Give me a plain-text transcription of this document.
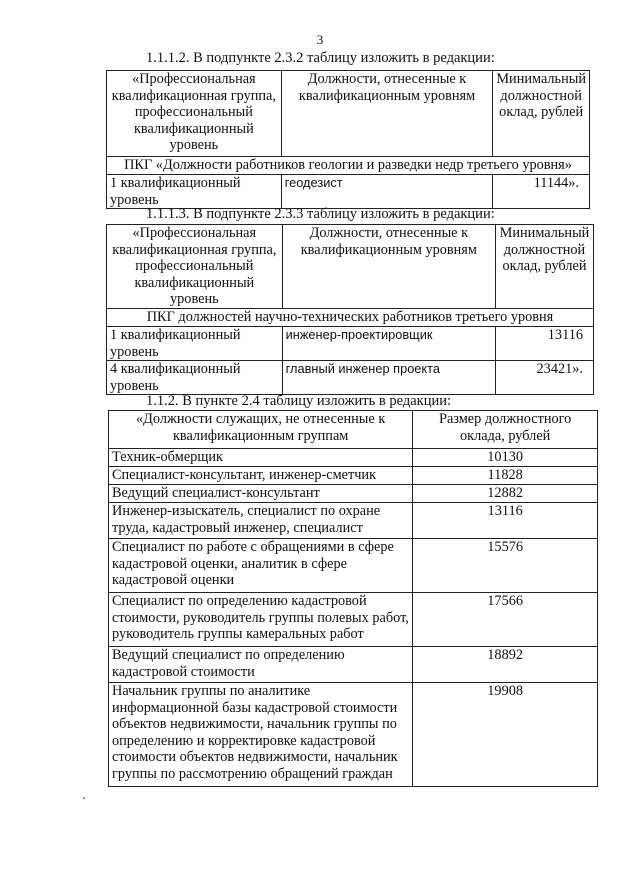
3
1.1.1.2. В подпункте 2.3.2 таблицу изложить в редакции:
«Профессиональная квалификационная группа, профессиональный квалификационный уровень	Должности, отнесенные к квалификационным уровням	Минимальный должностной оклад, рублей
ПКГ «Должности работников геологии и разведки недр третьего уровня»		
1 квалификационный уровень	геодезист	11144».
1.1.1.3. В подпункте 2.3.3 таблицу изложить в редакции:
«Профессиональная квалификационная группа, профессиональный квалификационный уровень	Должности, отнесенные к квалификационным уровням	Минимальный должностной оклад, рублей
ПКГ должностей научно-технических работников третьего уровня		
1 квалификационный уровень	инженер-проектировщик	13116
4 квалификационный уровень	главный инженер проекта	23421».
1.1.2. В пункте 2.4 таблицу изложить в редакции:
«Должности служащих, не отнесенные к квалификационным группам	Размер должностного оклада, рублей
Техник-обмерщик	10130
Специалист-консультант, инженер-сметчик	11828
Ведущий специалист-консультант	12882
Инженер-изыскатель, специалист по охране труда, кадастровый инженер, специалист	13116
Специалист по работе с обращениями в сфере кадастровой оценки, аналитик в сфере кадастровой оценки	15576
Специалист по определению кадастровой стоимости, руководитель группы полевых работ, руководитель группы камеральных работ	17566
Ведущий специалист по определению кадастровой стоимости	18892
Начальник группы по аналитике информационной базы кадастровой стоимости объектов недвижимости, начальник группы по определению и корректировке кадастровой стоимости объектов недвижимости, начальник группы по рассмотрению обращений граждан	19908
